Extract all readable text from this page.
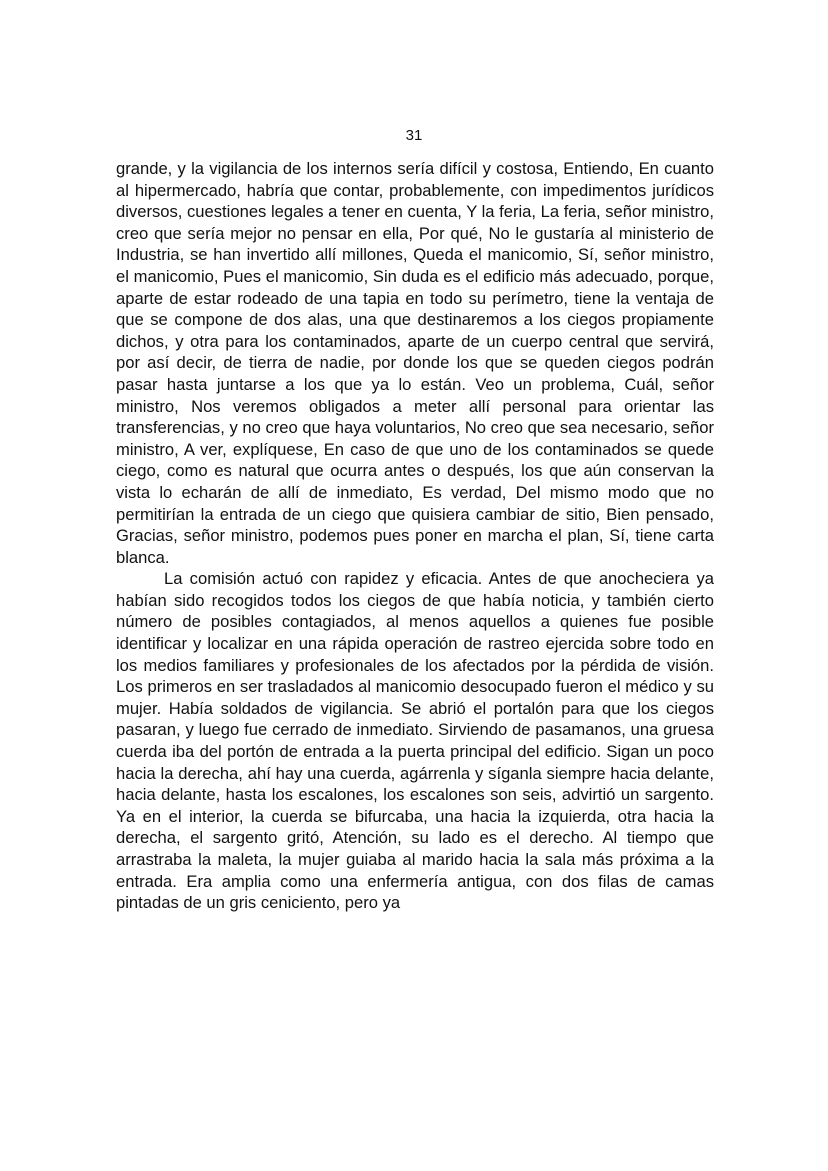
31

grande, y la vigilancia de los internos sería difícil y costosa, Entiendo, En cuanto al hipermercado, habría que contar, probablemente, con impedimentos jurídicos diversos, cuestiones legales a tener en cuenta, Y la feria, La feria, señor ministro, creo que sería mejor no pensar en ella, Por qué, No le gustaría al ministerio de Industria, se han invertido allí millones, Queda el manicomio, Sí, señor ministro, el manicomio, Pues el manicomio, Sin duda es el edificio más adecuado, porque, aparte de estar rodeado de una tapia en todo su perímetro, tiene la ventaja de que se compone de dos alas, una que destinaremos a los ciegos propiamente dichos, y otra para los contaminados, aparte de un cuerpo central que servirá, por así decir, de tierra de nadie, por donde los que se queden ciegos podrán pasar hasta juntarse a los que ya lo están. Veo un problema, Cuál, señor ministro, Nos veremos obligados a meter allí personal para orientar las transferencias, y no creo que haya voluntarios, No creo que sea necesario, señor ministro, A ver, explíquese, En caso de que uno de los contaminados se quede ciego, como es natural que ocurra antes o después, los que aún conservan la vista lo echarán de allí de inmediato, Es verdad, Del mismo modo que no permitirían la entrada de un ciego que quisiera cambiar de sitio, Bien pensado, Gracias, señor ministro, podemos pues poner en marcha el plan, Sí, tiene carta blanca.

La comisión actuó con rapidez y eficacia. Antes de que anocheciera ya habían sido recogidos todos los ciegos de que había noticia, y también cierto número de posibles contagiados, al menos aquellos a quienes fue posible identificar y localizar en una rápida operación de rastreo ejercida sobre todo en los medios familiares y profesionales de los afectados por la pérdida de visión. Los primeros en ser trasladados al manicomio desocupado fueron el médico y su mujer. Había soldados de vigilancia. Se abrió el portalón para que los ciegos pasaran, y luego fue cerrado de inmediato. Sirviendo de pasamanos, una gruesa cuerda iba del portón de entrada a la puerta principal del edificio. Sigan un poco hacia la derecha, ahí hay una cuerda, agárrenla y síganla siempre hacia delante, hacia delante, hasta los escalones, los escalones son seis, advirtió un sargento. Ya en el interior, la cuerda se bifurcaba, una hacia la izquierda, otra hacia la derecha, el sargento gritó, Atención, su lado es el derecho. Al tiempo que arrastraba la maleta, la mujer guiaba al marido hacia la sala más próxima a la entrada. Era amplia como una enfermería antigua, con dos filas de camas pintadas de un gris ceniciento, pero ya
